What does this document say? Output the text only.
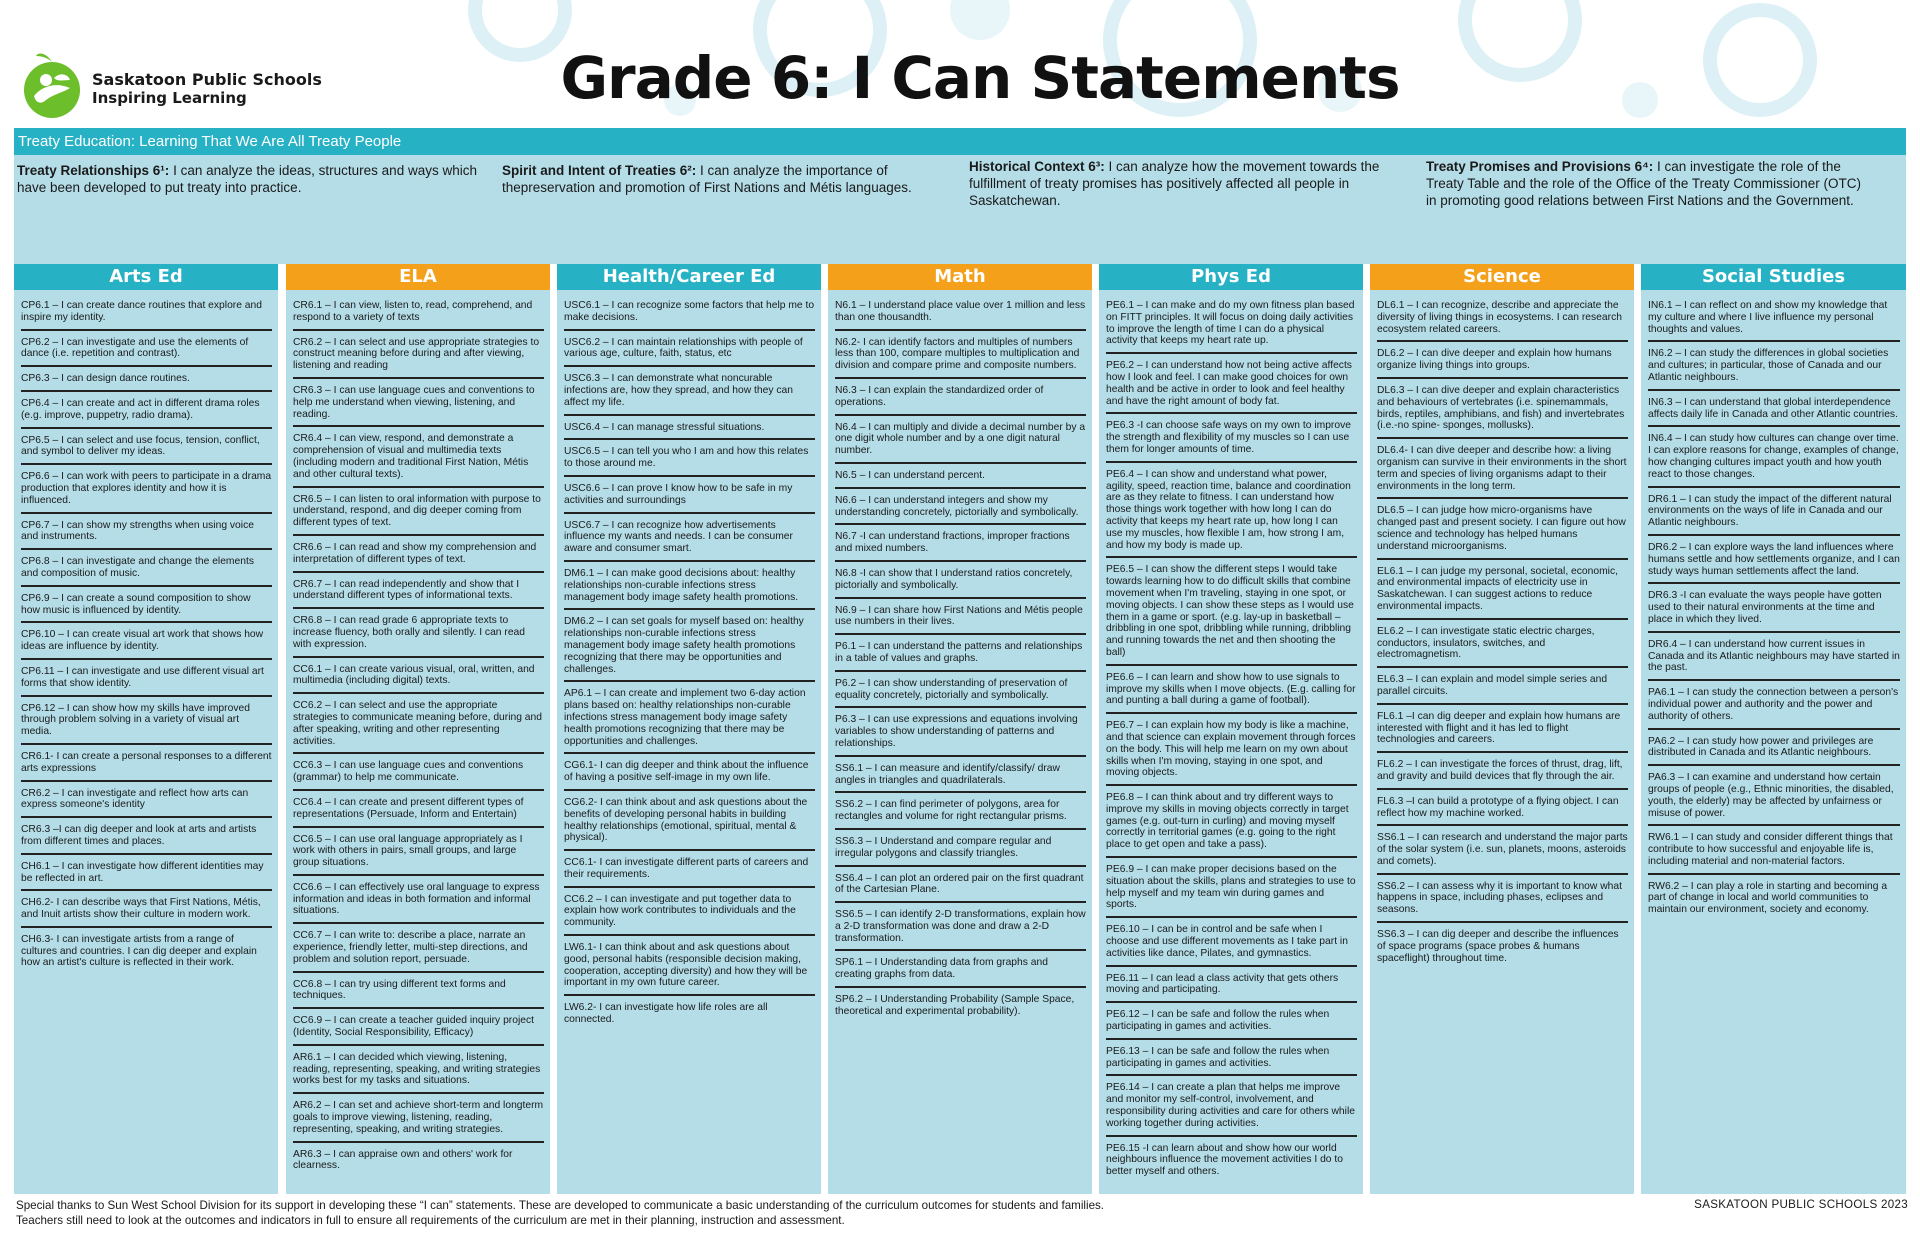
Saskatoon Public Schools
Inspiring Learning	Grade 6: I Can Statements
Treaty Education: Learning That We Are All Treaty People
Treaty Relationships 6¹: I can analyze the ideas, structures and ways which have been developed to put treaty into practice.
Spirit and Intent of Treaties 6²: I can analyze the importance of thepreservation and promotion of First Nations and Métis languages.
Historical Context 6³: I can analyze how the movement towards the fulfillment of treaty promises has positively affected all people in Saskatchewan.
Treaty Promises and Provisions 6⁴: I can investigate the role of the Treaty Table and the role of the Office of the Treaty Commissioner (OTC) in promoting good relations between First Nations and the Government.
Arts Ed
CP6.1 – I can create dance routines that explore and inspire my identity.
CP6.2 – I can investigate and use the elements of dance (i.e. repetition and contrast).
CP6.3 – I can design dance routines.
CP6.4 – I can create and act in different drama roles (e.g. improve, puppetry, radio drama).
CP6.5 – I can select and use focus, tension, conflict, and symbol to deliver my ideas.
CP6.6 – I can work with peers to participate in a drama production that explores identity and how it is influenced.
CP6.7 – I can show my strengths when using voice and instruments.
CP6.8 – I can investigate and change the elements and composition of music.
CP6.9 – I can create a sound composition to show how music is influenced by identity.
CP6.10 – I can create visual art work that shows how ideas are influence by identity.
CP6.11 – I can investigate and use different visual art forms that show identity.
CP6.12 – I can show how my skills have improved through problem solving in a variety of visual art media.
CR6.1- I can create a personal responses to a different arts expressions
CR6.2 – I can investigate and reflect how arts can express someone's identity
CR6.3 –I can dig deeper and look at arts and artists from different times and places.
CH6.1 – I can investigate how different identities may be reflected in art.
CH6.2- I can describe ways that First Nations, Métis, and Inuit artists show their culture in modern work.
CH6.3- I can investigate artists from a range of cultures and countries. I can dig deeper and explain how an artist's culture is reflected in their work.
ELA
CR6.1 – I can view, listen to, read, comprehend, and respond to a variety of texts
CR6.2 – I can select and use appropriate strategies to construct meaning before during and after viewing, listening and reading
CR6.3 – I can use language cues and conventions to help me understand when viewing, listening, and reading.
CR6.4 – I can view, respond, and demonstrate a comprehension of visual and multimedia texts (including modern and traditional First Nation, Métis and other cultural texts).
CR6.5 – I can listen to oral information with purpose to understand, respond, and dig deeper coming from different types of text.
CR6.6 – I can read and show my comprehension and interpretation of different types of text.
CR6.7 – I can read independently and show that I understand different types of informational texts.
CR6.8 – I can read grade 6 appropriate texts to increase fluency, both orally and silently. I can read with expression.
CC6.1 – I can create various visual, oral, written, and multimedia (including digital) texts.
CC6.2 – I can select and use the appropriate strategies to communicate meaning before, during and after speaking, writing and other representing activities.
CC6.3 – I can use language cues and conventions (grammar) to help me communicate.
CC6.4 – I can create and present different types of representations (Persuade, Inform and Entertain)
CC6.5 – I can use oral language appropriately as I work with others in pairs, small groups, and large group situations.
CC6.6 – I can effectively use oral language to express information and ideas in both formation and informal situations.
CC6.7 – I can write to: describe a place, narrate an experience, friendly letter, multi-step directions, and problem and solution report, persuade.
CC6.8 – I can try using different text forms and techniques.
CC6.9 – I can create a teacher guided inquiry project (Identity, Social Responsibility, Efficacy)
AR6.1 – I can decided which viewing, listening, reading, representing, speaking, and writing strategies works best for my tasks and situations.
AR6.2 – I can set and achieve short-term and longterm goals to improve viewing, listening, reading, representing, speaking, and writing strategies.
AR6.3 – I can appraise own and others' work for clearness.
Health/Career Ed
USC6.1 – I can recognize some factors that help me to make decisions.
USC6.2 – I can maintain relationships with people of various age, culture, faith, status, etc
USC6.3 – I can demonstrate what noncurable infections are, how they spread, and how they can affect my life.
USC6.4 – I can manage stressful situations.
USC6.5 – I can tell you who I am and how this relates to those around me.
USC6.6 – I can prove I know how to be safe in my activities and surroundings
USC6.7 – I can recognize how advertisements influence my wants and needs. I can be consumer aware and consumer smart.
DM6.1 – I can make good decisions about: healthy relationships non-curable infections stress management body image safety health promotions.
DM6.2 – I can set goals for myself based on: healthy relationships non-curable infections stress management body image safety health promotions recognizing that there may be opportunities and challenges.
AP6.1 – I can create and implement two 6-day action plans based on: healthy relationships non-curable infections stress management body image safety health promotions recognizing that there may be opportunities and challenges.
CG6.1- I can dig deeper and think about the influence of having a positive self-image in my own life.
CG6.2- I can think about and ask questions about the benefits of developing personal habits in building healthy relationships (emotional, spiritual, mental & physical).
CC6.1- I can investigate different parts of careers and their requirements.
CC6.2 – I can investigate and put together data to explain how work contributes to individuals and the community.
LW6.1- I can think about and ask questions about good, personal habits (responsible decision making, cooperation, accepting diversity) and how they will be important in my own future career.
LW6.2- I can investigate how life roles are all connected.
Math
N6.1 – I understand place value over 1 million and less than one thousandth.
N6.2- I can identify factors and multiples of numbers less than 100, compare multiples to multiplication and division and compare prime and composite numbers.
N6.3 – I can explain the standardized order of operations.
N6.4 – I can multiply and divide a decimal number by a one digit whole number and by a one digit natural number.
N6.5 – I can understand percent.
N6.6 – I can understand integers and show my understanding concretely, pictorially and symbolically.
N6.7 -I can understand fractions, improper fractions and mixed numbers.
N6.8 -I can show that I understand ratios concretely, pictorially and symbolically.
N6.9 – I can share how First Nations and Métis people use numbers in their lives.
P6.1 – I can understand the patterns and relationships in a table of values and graphs.
P6.2 – I can show understanding of preservation of equality concretely, pictorially and symbolically.
P6.3 – I can use expressions and equations involving variables to show understanding of patterns and relationships.
SS6.1 – I can measure and identify/classify/ draw angles in triangles and quadrilaterals.
SS6.2 – I can find perimeter of polygons, area for rectangles and volume for right rectangular prisms.
SS6.3 – I Understand and compare regular and irregular polygons and classify triangles.
SS6.4 – I can plot an ordered pair on the first quadrant of the Cartesian Plane.
SS6.5 – I can identify 2-D transformations, explain how a 2-D transformation was done and draw a 2-D transformation.
SP6.1 – I Understanding data from graphs and creating graphs from data.
SP6.2 – I Understanding Probability (Sample Space, theoretical and experimental probability).
Phys Ed
PE6.1 – I can make and do my own fitness plan based on FITT principles. It will focus on doing daily activities to improve the length of time I can do a physical activity that keeps my heart rate up.
PE6.2 – I can understand how not being active affects how I look and feel. I can make good choices for own health and be active in order to look and feel healthy and have the right amount of body fat.
PE6.3 -I can choose safe ways on my own to improve the strength and flexibility of my muscles so I can use them for longer amounts of time.
PE6.4 – I can show and understand what power, agility, speed, reaction time, balance and coordination are as they relate to fitness. I can understand how those things work together with how long I can do activity that keeps my heart rate up, how long I can use my muscles, how flexible I am, how strong I am, and how my body is made up.
PE6.5 – I can show the different steps I would take towards learning how to do difficult skills that combine movement when I'm traveling, staying in one spot, or moving objects. I can show these steps as I would use them in a game or sport. (e.g. lay-up in basketball – dribbling in one spot, dribbling while running, dribbling and running towards the net and then shooting the ball)
PE6.6 – I can learn and show how to use signals to improve my skills when I move objects. (E.g. calling for and punting a ball during a game of football).
PE6.7 – I can explain how my body is like a machine, and that science can explain movement through forces on the body. This will help me learn on my own about skills when I'm moving, staying in one spot, and moving objects.
PE6.8 – I can think about and try different ways to improve my skills in moving objects correctly in target games (e.g. out-turn in curling) and moving myself correctly in territorial games (e.g. going to the right place to get open and take a pass).
PE6.9 – I can make proper decisions based on the situation about the skills, plans and strategies to use to help myself and my team win during games and sports.
PE6.10 – I can be in control and be safe when I choose and use different movements as I take part in activities like dance, Pilates, and gymnastics.
PE6.11 – I can lead a class activity that gets others moving and participating.
PE6.12 – I can be safe and follow the rules when participating in games and activities.
PE6.13 – I can be safe and follow the rules when participating in games and activities.
PE6.14 – I can create a plan that helps me improve and monitor my self-control, involvement, and responsibility during activities and care for others while working together during activities.
PE6.15 -I can learn about and show how our world neighbours influence the movement activities I do to better myself and others.
Science
DL6.1 – I can recognize, describe and appreciate the diversity of living things in ecosystems. I can research ecosystem related careers.
DL6.2 – I can dive deeper and explain how humans organize living things into groups.
DL6.3 – I can dive deeper and explain characteristics and behaviours of vertebrates (i.e. spinemammals, birds, reptiles, amphibians, and fish) and invertebrates (i.e.-no spine- sponges, mollusks).
DL6.4- I can dive deeper and describe how: a living organism can survive in their environments in the short term and species of living organisms adapt to their environments in the long term.
DL6.5 – I can judge how micro-organisms have changed past and present society. I can figure out how science and technology has helped humans understand microorganisms.
EL6.1 – I can judge my personal, societal, economic, and environmental impacts of electricity use in Saskatchewan. I can suggest actions to reduce environmental impacts.
EL6.2 – I can investigate static electric charges, conductors, insulators, switches, and electromagnetism.
EL6.3 – I can explain and model simple series and parallel circuits.
FL6.1 –I can dig deeper and explain how humans are interested with flight and it has led to flight technologies and careers.
FL6.2 – I can investigate the forces of thrust, drag, lift, and gravity and build devices that fly through the air.
FL6.3 –I can build a prototype of a flying object. I can reflect how my machine worked.
SS6.1 – I can research and understand the major parts of the solar system (i.e. sun, planets, moons, asteroids and comets).
SS6.2 – I can assess why it is important to know what happens in space, including phases, eclipses and seasons.
SS6.3 – I can dig deeper and describe the influences of space programs (space probes & humans spaceflight) throughout time.
Social Studies
IN6.1 – I can reflect on and show my knowledge that my culture and where I live influence my personal thoughts and values.
IN6.2 – I can study the differences in global societies and cultures; in particular, those of Canada and our Atlantic neighbours.
IN6.3 – I can understand that global interdependence affects daily life in Canada and other Atlantic countries.
IN6.4 – I can study how cultures can change over time. I can explore reasons for change, examples of change, how changing cultures impact youth and how youth react to those changes.
DR6.1 – I can study the impact of the different natural environments on the ways of life in Canada and our Atlantic neighbours.
DR6.2 – I can explore ways the land influences where humans settle and how settlements organize, and I can study ways human settlements affect the land.
DR6.3 -I can evaluate the ways people have gotten used to their natural environments at the time and place in which they lived.
DR6.4 – I can understand how current issues in Canada and its Atlantic neighbours may have started in the past.
PA6.1 – I can study the connection between a person's individual power and authority and the power and authority of others.
PA6.2 – I can study how power and privileges are distributed in Canada and its Atlantic neighbours.
PA6.3 – I can examine and understand how certain groups of people (e.g., Ethnic minorities, the disabled, youth, the elderly) may be affected by unfairness or misuse of power.
RW6.1 – I can study and consider different things that contribute to how successful and enjoyable life is, including material and non-material factors.
RW6.2 – I can play a role in starting and becoming a part of change in local and world communities to maintain our environment, society and economy.
Special thanks to Sun West School Division for its support in developing these “I can” statements. These are developed to communicate a basic understanding of the curriculum outcomes for students and families. Teachers still need to look at the outcomes and indicators in full to ensure all requirements of the curriculum are met in their planning, instruction and assessment.
SASKATOON PUBLIC SCHOOLS 2023
